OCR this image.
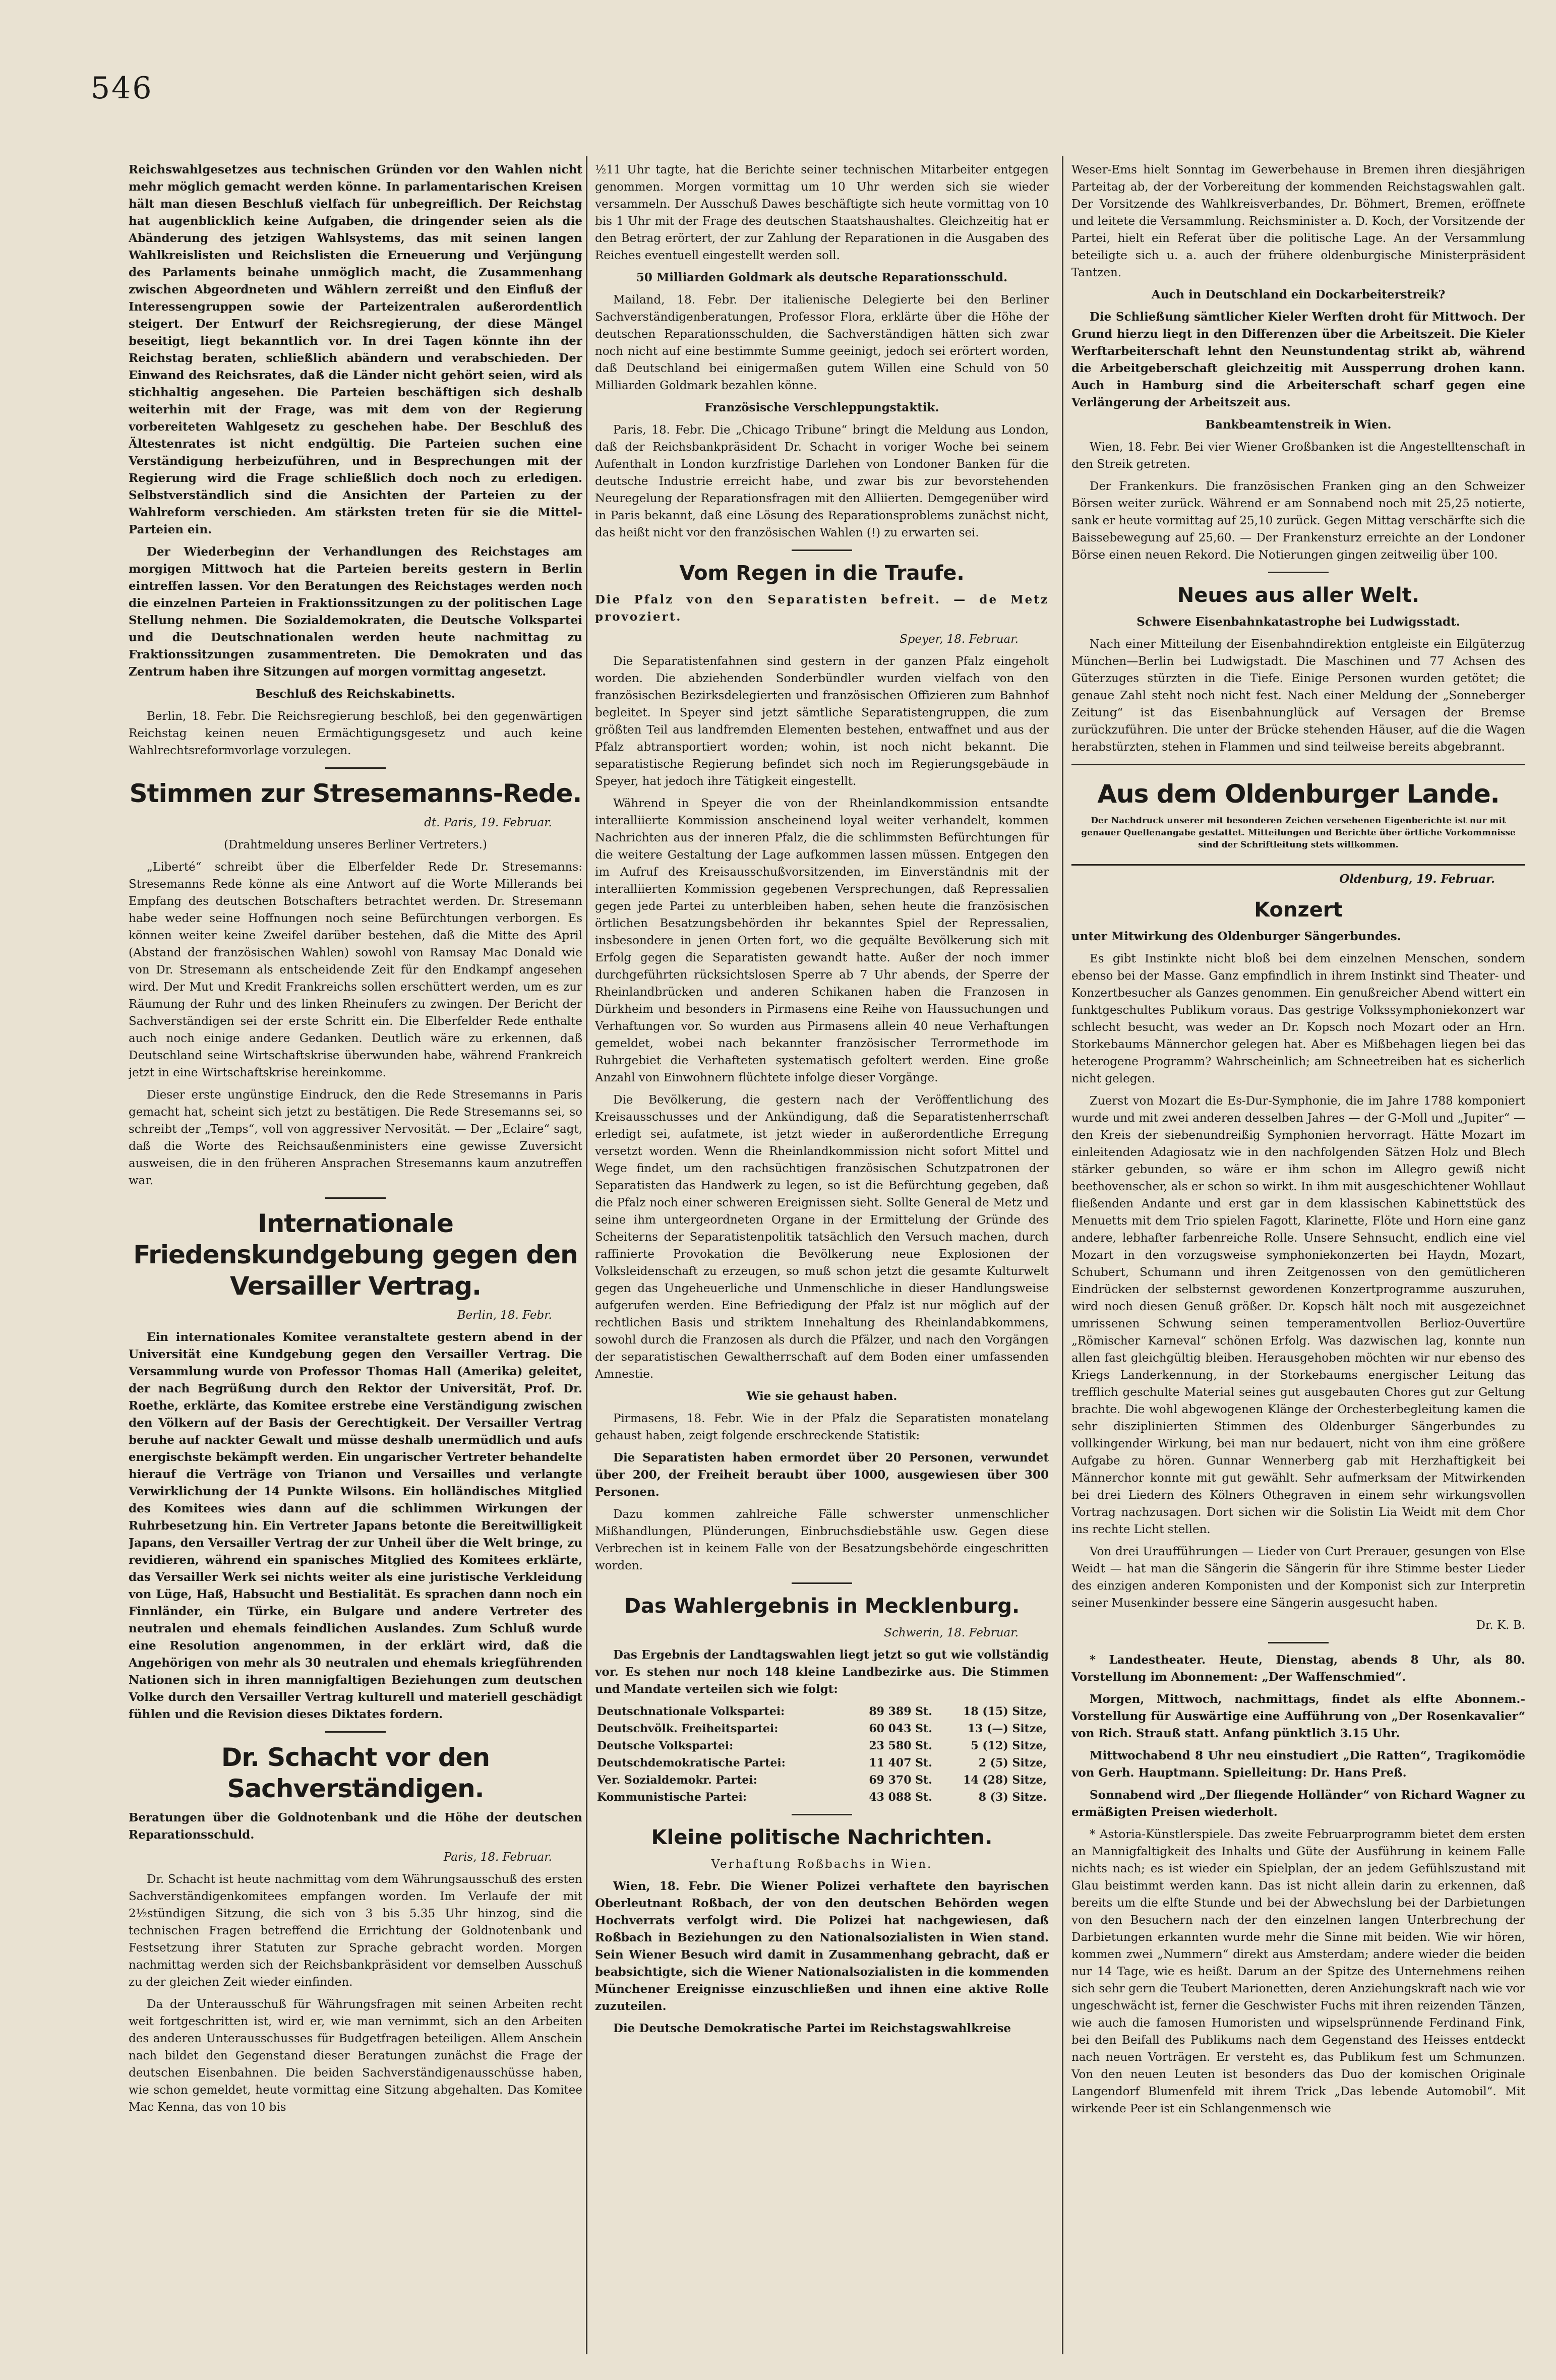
546

Reichswahlgesetzes aus technischen Gründen vor den Wahlen nicht mehr möglich gemacht werden könne. In parlamentarischen Kreisen hält man diesen Beschluß vielfach für unbegreiflich. Der Reichstag hat augenblicklich keine Aufgaben, die dringender seien als die Abänderung des jetzigen Wahlsystems, das mit seinen langen Wahlkreislisten und Reichslisten die Erneuerung und Verjüngung des Parlaments beinahe unmöglich macht, die Zusammenhang zwischen Abgeordneten und Wählern zerreißt und den Einfluß der Interessengruppen sowie der Parteizentralen außerordentlich steigert. Der Entwurf der Reichsregierung, der diese Mängel beseitigt, liegt bekanntlich vor. In drei Tagen könnte ihn der Reichstag beraten, schließlich abändern und verabschieden. Der Einwand des Reichsrates, daß die Länder nicht gehört seien, wird als stichhaltig angesehen. Die Parteien beschäftigen sich deshalb weiterhin mit der Frage, was mit dem von der Regierung vorbereiteten Wahlgesetz zu geschehen habe. Der Beschluß des Ältestenrates ist nicht endgültig. Die Parteien suchen eine Verständigung herbeizuführen, und in Besprechungen mit der Regierung wird die Frage schließlich doch noch zu erledigen. Selbstverständlich sind die Ansichten der Parteien zu der Wahlreform verschieden. Am stärksten treten für sie die Mittel-Parteien ein.

Der Wiederbeginn der Verhandlungen des Reichstages am morgigen Mittwoch hat die Parteien bereits gestern in Berlin eintreffen lassen. Vor den Beratungen des Reichstages werden noch die einzelnen Parteien in Fraktionssitzungen zu der politischen Lage Stellung nehmen. Die Sozialdemokraten, die Deutsche Volkspartei und die Deutschnationalen werden heute nachmittag zu Fraktionssitzungen zusammentreten. Die Demokraten und das Zentrum haben ihre Sitzungen auf morgen vormittag angesetzt.

Beschluß des Reichskabinetts.

Berlin, 18. Febr. Die Reichsregierung beschloß, bei den gegenwärtigen Reichstag keinen neuen Ermächtigungsgesetz und auch keine Wahlrechtsreformvorlage vorzulegen.

Stimmen zur Stresemanns-Rede.

dt. Paris, 19. Februar.

(Drahtmeldung unseres Berliner Vertreters.)

„Liberté“ schreibt über die Elberfelder Rede Dr. Stresemanns: Stresemanns Rede könne als eine Antwort auf die Worte Millerands bei Empfang des deutschen Botschafters betrachtet werden. Dr. Stresemann habe weder seine Hoffnungen noch seine Befürchtungen verborgen. Es können weiter keine Zweifel darüber bestehen, daß die Mitte des April (Abstand der französischen Wahlen) sowohl von Ramsay Mac Donald wie von Dr. Stresemann als entscheidende Zeit für den Endkampf angesehen wird. Der Mut und Kredit Frankreichs sollen erschüttert werden, um es zur Räumung der Ruhr und des linken Rheinufers zu zwingen. Der Bericht der Sachverständigen sei der erste Schritt ein. Die Elberfelder Rede enthalte auch noch einige andere Gedanken. Deutlich wäre zu erkennen, daß Deutschland seine Wirtschaftskrise überwunden habe, während Frankreich jetzt in eine Wirtschaftskrise hereinkomme.

Dieser erste ungünstige Eindruck, den die Rede Stresemanns in Paris gemacht hat, scheint sich jetzt zu bestätigen. Die Rede Stresemanns sei, so schreibt der „Temps“, voll von aggressiver Nervosität. — Der „Eclaire“ sagt, daß die Worte des Reichsaußenministers eine gewisse Zuversicht ausweisen, die in den früheren Ansprachen Stresemanns kaum anzutreffen war.

Internationale Friedenskundgebung gegen den Versailler Vertrag.

Berlin, 18. Febr.

Ein internationales Komitee veranstaltete gestern abend in der Universität eine Kundgebung gegen den Versailler Vertrag. Die Versammlung wurde von Professor Thomas Hall (Amerika) geleitet, der nach Begrüßung durch den Rektor der Universität, Prof. Dr. Roethe, erklärte, das Komitee erstrebe eine Verständigung zwischen den Völkern auf der Basis der Gerechtigkeit. Der Versailler Vertrag beruhe auf nackter Gewalt und müsse deshalb unermüdlich und aufs energischste bekämpft werden. Ein ungarischer Vertreter behandelte hierauf die Verträge von Trianon und Versailles und verlangte Verwirklichung der 14 Punkte Wilsons. Ein holländisches Mitglied des Komitees wies dann auf die schlimmen Wirkungen der Ruhrbesetzung hin. Ein Vertreter Japans betonte die Bereitwilligkeit Japans, den Versailler Vertrag der zur Unheil über die Welt bringe, zu revidieren, während ein spanisches Mitglied des Komitees erklärte, das Versailler Werk sei nichts weiter als eine juristische Verkleidung von Lüge, Haß, Habsucht und Bestialität. Es sprachen dann noch ein Finnländer, ein Türke, ein Bulgare und andere Vertreter des neutralen und ehemals feindlichen Auslandes. Zum Schluß wurde eine Resolution angenommen, in der erklärt wird, daß die Angehörigen von mehr als 30 neutralen und ehemals kriegführenden Nationen sich in ihren mannigfaltigen Beziehungen zum deutschen Volke durch den Versailler Vertrag kulturell und materiell geschädigt fühlen und die Revision dieses Diktates fordern.

Dr. Schacht vor den Sachverständigen.

Beratungen über die Goldnotenbank und die Höhe der deutschen Reparationsschuld.

Paris, 18. Februar.

Dr. Schacht ist heute nachmittag vom dem Währungsausschuß des ersten Sachverständigenkomitees empfangen worden. Im Verlaufe der mit 2½stündigen Sitzung, die sich von 3 bis 5.35 Uhr hinzog, sind die technischen Fragen betreffend die Errichtung der Goldnotenbank und Festsetzung ihrer Statuten zur Sprache gebracht worden. Morgen nachmittag werden sich der Reichsbankpräsident vor demselben Ausschuß zu der gleichen Zeit wieder einfinden.

Da der Unterausschuß für Währungsfragen mit seinen Arbeiten recht weit fortgeschritten ist, wird er, wie man vernimmt, sich an den Arbeiten des anderen Unterausschusses für Budgetfragen beteiligen. Allem Anschein nach bildet den Gegenstand dieser Beratungen zunächst die Frage der deutschen Eisenbahnen. Die beiden Sachverständigenausschüsse haben, wie schon gemeldet, heute vormittag eine Sitzung abgehalten. Das Komitee Mac Kenna, das von 10 bis

½11 Uhr tagte, hat die Berichte seiner technischen Mitarbeiter entgegen genommen. Morgen vormittag um 10 Uhr werden sich sie wieder versammeln. Der Ausschuß Dawes beschäftigte sich heute vormittag von 10 bis 1 Uhr mit der Frage des deutschen Staatshaushaltes. Gleichzeitig hat er den Betrag erörtert, der zur Zahlung der Reparationen in die Ausgaben des Reiches eventuell eingestellt werden soll.

50 Milliarden Goldmark als deutsche Reparationsschuld.

Mailand, 18. Febr. Der italienische Delegierte bei den Berliner Sachverständigenberatungen, Professor Flora, erklärte über die Höhe der deutschen Reparationsschulden, die Sachverständigen hätten sich zwar noch nicht auf eine bestimmte Summe geeinigt, jedoch sei erörtert worden, daß Deutschland bei einigermaßen gutem Willen eine Schuld von 50 Milliarden Goldmark bezahlen könne.

Französische Verschleppungstaktik.

Paris, 18. Febr. Die „Chicago Tribune“ bringt die Meldung aus London, daß der Reichsbankpräsident Dr. Schacht in voriger Woche bei seinem Aufenthalt in London kurzfristige Darlehen von Londoner Banken für die deutsche Industrie erreicht habe, und zwar bis zur bevorstehenden Neuregelung der Reparationsfragen mit den Alliierten. Demgegenüber wird in Paris bekannt, daß eine Lösung des Reparationsproblems zunächst nicht, das heißt nicht vor den französischen Wahlen (!) zu erwarten sei.

Vom Regen in die Traufe.

Die Pfalz von den Separatisten befreit. — de Metz provoziert.

Speyer, 18. Februar.

Die Separatistenfahnen sind gestern in der ganzen Pfalz eingeholt worden. Die abziehenden Sonderbündler wurden vielfach von den französischen Bezirksdelegierten und französischen Offizieren zum Bahnhof begleitet. In Speyer sind jetzt sämtliche Separatistengruppen, die zum größten Teil aus landfremden Elementen bestehen, entwaffnet und aus der Pfalz abtransportiert worden; wohin, ist noch nicht bekannt. Die separatistische Regierung befindet sich noch im Regierungsgebäude in Speyer, hat jedoch ihre Tätigkeit eingestellt.

Während in Speyer die von der Rheinlandkommission entsandte interalliierte Kommission anscheinend loyal weiter verhandelt, kommen Nachrichten aus der inneren Pfalz, die die schlimmsten Befürchtungen für die weitere Gestaltung der Lage aufkommen lassen müssen. Entgegen den im Aufruf des Kreisausschußvorsitzenden, im Einverständnis mit der interalliierten Kommission gegebenen Versprechungen, daß Repressalien gegen jede Partei zu unterbleiben haben, sehen heute die französischen örtlichen Besatzungsbehörden ihr bekanntes Spiel der Repressalien, insbesondere in jenen Orten fort, wo die gequälte Bevölkerung sich mit Erfolg gegen die Separatisten gewandt hatte. Außer der noch immer durchgeführten rücksichtslosen Sperre ab 7 Uhr abends, der Sperre der Rheinlandbrücken und anderen Schikanen haben die Franzosen in Dürkheim und besonders in Pirmasens eine Reihe von Haussuchungen und Verhaftungen vor. So wurden aus Pirmasens allein 40 neue Verhaftungen gemeldet, wobei nach bekannter französischer Terrormethode im Ruhrgebiet die Verhafteten systematisch gefoltert werden. Eine große Anzahl von Einwohnern flüchtete infolge dieser Vorgänge.

Die Bevölkerung, die gestern nach der Veröffentlichung des Kreisausschusses und der Ankündigung, daß die Separatistenherrschaft erledigt sei, aufatmete, ist jetzt wieder in außerordentliche Erregung versetzt worden. Wenn die Rheinlandkommission nicht sofort Mittel und Wege findet, um den rachsüchtigen französischen Schutzpatronen der Separatisten das Handwerk zu legen, so ist die Befürchtung gegeben, daß die Pfalz noch einer schweren Ereignissen sieht. Sollte General de Metz und seine ihm untergeordneten Organe in der Ermittelung der Gründe des Scheiterns der Separatistenpolitik tatsächlich den Versuch machen, durch raffinierte Provokation die Bevölkerung neue Explosionen der Volksleidenschaft zu erzeugen, so muß schon jetzt die gesamte Kulturwelt gegen das Ungeheuerliche und Unmenschliche in dieser Handlungsweise aufgerufen werden. Eine Befriedigung der Pfalz ist nur möglich auf der rechtlichen Basis und striktem Innehaltung des Rheinlandabkommens, sowohl durch die Franzosen als durch die Pfälzer, und nach den Vorgängen der separatistischen Gewaltherrschaft auf dem Boden einer umfassenden Amnestie.

Wie sie gehaust haben.

Pirmasens, 18. Febr. Wie in der Pfalz die Separatisten monatelang gehaust haben, zeigt folgende erschreckende Statistik:

Die Separatisten haben ermordet über 20 Personen, verwundet über 200, der Freiheit beraubt über 1000, ausgewiesen über 300 Personen.

Dazu kommen zahlreiche Fälle schwerster unmenschlicher Mißhandlungen, Plünderungen, Einbruchsdiebstähle usw. Gegen diese Verbrechen ist in keinem Falle von der Besatzungsbehörde eingeschritten worden.

Das Wahlergebnis in Mecklenburg.

Schwerin, 18. Februar.

Das Ergebnis der Landtagswahlen liegt jetzt so gut wie vollständig vor. Es stehen nur noch 148 kleine Landbezirke aus. Die Stimmen und Mandate verteilen sich wie folgt:

Deutschnationale Volkspartei:	89 389 St.	18 (15) Sitze,
Deutschvölk. Freiheitspartei:	60 043 St.	13 (—) Sitze,
Deutsche Volkspartei:	23 580 St.	5 (12) Sitze,
Deutschdemokratische Partei:	11 407 St.	2 (5) Sitze,
Ver. Sozialdemokr. Partei:	69 370 St.	14 (28) Sitze,
Kommunistische Partei:	43 088 St.	8 (3) Sitze.
Kleine politische Nachrichten.

Verhaftung Roßbachs in Wien.

Wien, 18. Febr. Die Wiener Polizei verhaftete den bayrischen Oberleutnant Roßbach, der von den deutschen Behörden wegen Hochverrats verfolgt wird. Die Polizei hat nachgewiesen, daß Roßbach in Beziehungen zu den Nationalsozialisten in Wien stand. Sein Wiener Besuch wird damit in Zusammenhang gebracht, daß er beabsichtigte, sich die Wiener Nationalsozialisten in die kommenden Münchener Ereignisse einzuschließen und ihnen eine aktive Rolle zuzuteilen.

Die Deutsche Demokratische Partei im Reichstagswahlkreise

Weser-Ems hielt Sonntag im Gewerbehause in Bremen ihren diesjährigen Parteitag ab, der der Vorbereitung der kommenden Reichstagswahlen galt. Der Vorsitzende des Wahlkreisverbandes, Dr. Böhmert, Bremen, eröffnete und leitete die Versammlung. Reichsminister a. D. Koch, der Vorsitzende der Partei, hielt ein Referat über die politische Lage. An der Versammlung beteiligte sich u. a. auch der frühere oldenburgische Ministerpräsident Tantzen.

Auch in Deutschland ein Dockarbeiterstreik?

Die Schließung sämtlicher Kieler Werften droht für Mittwoch. Der Grund hierzu liegt in den Differenzen über die Arbeitszeit. Die Kieler Werftarbeiterschaft lehnt den Neunstundentag strikt ab, während die Arbeitgeberschaft gleichzeitig mit Aussperrung drohen kann. Auch in Hamburg sind die Arbeiterschaft scharf gegen eine Verlängerung der Arbeitszeit aus.

Bankbeamtenstreik in Wien.

Wien, 18. Febr. Bei vier Wiener Großbanken ist die Angestelltenschaft in den Streik getreten.

Der Frankenkurs. Die französischen Franken ging an den Schweizer Börsen weiter zurück. Während er am Sonnabend noch mit 25,25 notierte, sank er heute vormittag auf 25,10 zurück. Gegen Mittag verschärfte sich die Baissebewegung auf 25,60. — Der Frankensturz erreichte an der Londoner Börse einen neuen Rekord. Die Notierungen gingen zeitweilig über 100.

Neues aus aller Welt.

Schwere Eisenbahnkatastrophe bei Ludwigsstadt.

Nach einer Mitteilung der Eisenbahndirektion entgleiste ein Eilgüterzug München—Berlin bei Ludwigstadt. Die Maschinen und 77 Achsen des Güterzuges stürzten in die Tiefe. Einige Personen wurden getötet; die genaue Zahl steht noch nicht fest. Nach einer Meldung der „Sonneberger Zeitung“ ist das Eisenbahnunglück auf Versagen der Bremse zurückzuführen. Die unter der Brücke stehenden Häuser, auf die die Wagen herabstürzten, stehen in Flammen und sind teilweise bereits abgebrannt.

Aus dem Oldenburger Lande.

Der Nachdruck unserer mit besonderen Zeichen versehenen Eigenberichte ist nur mit genauer Quellenangabe gestattet. Mitteilungen und Berichte über örtliche Vorkommnisse sind der Schriftleitung stets willkommen.

Oldenburg, 19. Februar.

Konzert

unter Mitwirkung des Oldenburger Sängerbundes.

Es gibt Instinkte nicht bloß bei dem einzelnen Menschen, sondern ebenso bei der Masse. Ganz empfindlich in ihrem Instinkt sind Theater- und Konzertbesucher als Ganzes genommen. Ein genußreicher Abend wittert ein funktgeschultes Publikum voraus. Das gestrige Volkssymphoniekonzert war schlecht besucht, was weder an Dr. Kopsch noch Mozart oder an Hrn. Storkebaums Männerchor gelegen hat. Aber es Mißbehagen liegen bei das heterogene Programm? Wahrscheinlich; am Schneetreiben hat es sicherlich nicht gelegen.

Zuerst von Mozart die Es-Dur-Symphonie, die im Jahre 1788 komponiert wurde und mit zwei anderen desselben Jahres — der G-Moll und „Jupiter“ — den Kreis der siebenundreißig Symphonien hervorragt. Hätte Mozart im einleitenden Adagiosatz wie in den nachfolgenden Sätzen Holz und Blech stärker gebunden, so wäre er ihm schon im Allegro gewiß nicht beethovenscher, als er schon so wirkt. In ihm mit ausgeschichtener Wohllaut fließenden Andante und erst gar in dem klassischen Kabinettstück des Menuetts mit dem Trio spielen Fagott, Klarinette, Flöte und Horn eine ganz andere, lebhafter farbenreiche Rolle. Unsere Sehnsucht, endlich eine viel Mozart in den vorzugsweise symphoniekonzerten bei Haydn, Mozart, Schubert, Schumann und ihren Zeitgenossen von den gemütlicheren Eindrücken der selbsternst gewordenen Konzertprogramme auszuruhen, wird noch diesen Genuß größer. Dr. Kopsch hält noch mit ausgezeichnet umrissenen Schwung seinen temperamentvollen Berlioz-Ouvertüre „Römischer Karneval“ schönen Erfolg. Was dazwischen lag, konnte nun allen fast gleichgültig bleiben. Herausgehoben möchten wir nur ebenso des Kriegs Landerkennung, in der Storkebaums energischer Leitung das trefflich geschulte Material seines gut ausgebauten Chores gut zur Geltung brachte. Die wohl abgewogenen Klänge der Orchesterbegleitung kamen die sehr disziplinierten Stimmen des Oldenburger Sängerbundes zu vollkingender Wirkung, bei man nur bedauert, nicht von ihm eine größere Aufgabe zu hören. Gunnar Wennerberg gab mit Herzhaftigkeit bei Männerchor konnte mit gut gewählt. Sehr aufmerksam der Mitwirkenden bei drei Liedern des Kölners Othegraven in einem sehr wirkungsvollen Vortrag nachzusagen. Dort sichen wir die Solistin Lia Weidt mit dem Chor ins rechte Licht stellen.

Von drei Uraufführungen — Lieder von Curt Prerauer, gesungen von Else Weidt — hat man die Sängerin die Sängerin für ihre Stimme bester Lieder des einzigen anderen Komponisten und der Komponist sich zur Interpretin seiner Musenkinder bessere eine Sängerin ausgesucht haben.

Dr. K. B.

* Landestheater. Heute, Dienstag, abends 8 Uhr, als 80. Vorstellung im Abonnement: „Der Waffenschmied“.

Morgen, Mittwoch, nachmittags, findet als elfte Abonnem.-Vorstellung für Auswärtige eine Aufführung von „Der Rosenkavalier“ von Rich. Strauß statt. Anfang pünktlich 3.15 Uhr.

Mittwochabend 8 Uhr neu einstudiert „Die Ratten“, Tragikomödie von Gerh. Hauptmann. Spielleitung: Dr. Hans Preß.

Sonnabend wird „Der fliegende Holländer“ von Richard Wagner zu ermäßigten Preisen wiederholt.

* Astoria-Künstlerspiele. Das zweite Februarprogramm bietet dem ersten an Mannigfaltigkeit des Inhalts und Güte der Ausführung in keinem Falle nichts nach; es ist wieder ein Spielplan, der an jedem Gefühlszustand mit Glau beistimmt werden kann. Das ist nicht allein darin zu erkennen, daß bereits um die elfte Stunde und bei der Abwechslung bei der Darbietungen von den Besuchern nach der den einzelnen langen Unterbrechung der Darbietungen erkannten wurde mehr die Sinne mit beiden. Wie wir hören, kommen zwei „Nummern“ direkt aus Amsterdam; andere wieder die beiden nur 14 Tage, wie es heißt. Darum an der Spitze des Unternehmens reihen sich sehr gern die Teubert Marionetten, deren Anziehungskraft nach wie vor ungeschwächt ist, ferner die Geschwister Fuchs mit ihren reizenden Tänzen, wie auch die famosen Humoristen und wipselsprünnende Ferdinand Fink, bei den Beifall des Publikums nach dem Gegenstand des Heisses entdeckt nach neuen Vorträgen. Er versteht es, das Publikum fest um Schmunzen. Von den neuen Leuten ist besonders das Duo der komischen Originale Langendorf Blumenfeld mit ihrem Trick „Das lebende Automobil“. Mit wirkende Peer ist ein Schlangenmensch wie
